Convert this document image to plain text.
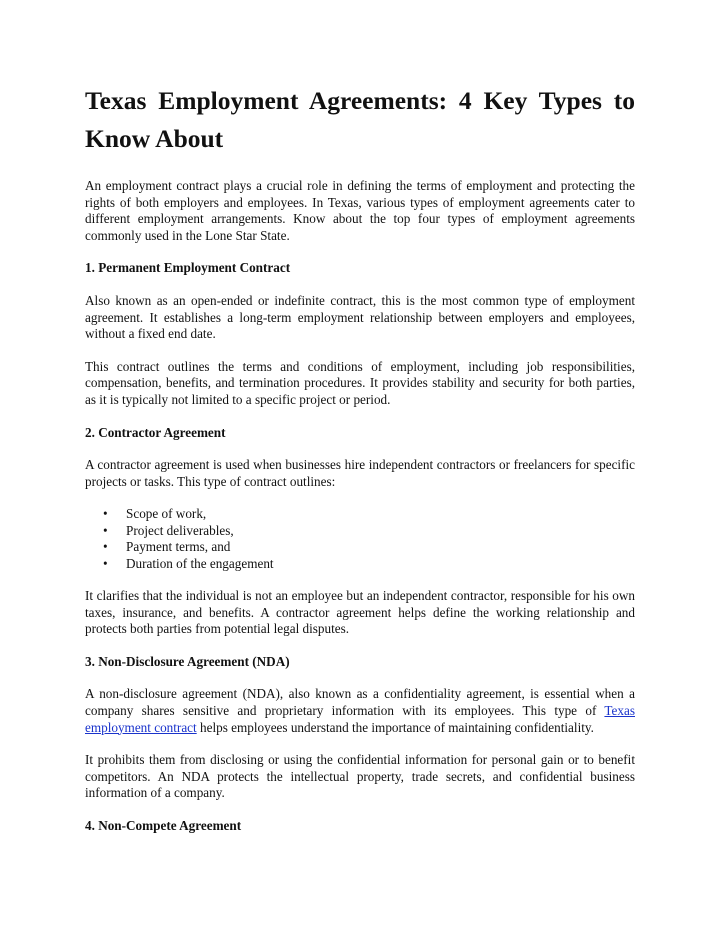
Texas Employment Agreements: 4 Key Types to Know About

An employment contract plays a crucial role in defining the terms of employment and protecting the rights of both employers and employees. In Texas, various types of employment agreements cater to different employment arrangements. Know about the top four types of employment agreements commonly used in the Lone Star State.

1. Permanent Employment Contract

Also known as an open-ended or indefinite contract, this is the most common type of employment agreement. It establishes a long-term employment relationship between employers and employees, without a fixed end date.

This contract outlines the terms and conditions of employment, including job responsibilities, compensation, benefits, and termination procedures. It provides stability and security for both parties, as it is typically not limited to a specific project or period.

2. Contractor Agreement

A contractor agreement is used when businesses hire independent contractors or freelancers for specific projects or tasks. This type of contract outlines:

• Scope of work,
• Project deliverables,
• Payment terms, and
• Duration of the engagement

It clarifies that the individual is not an employee but an independent contractor, responsible for his own taxes, insurance, and benefits. A contractor agreement helps define the working relationship and protects both parties from potential legal disputes.

3. Non-Disclosure Agreement (NDA)

A non-disclosure agreement (NDA), also known as a confidentiality agreement, is essential when a company shares sensitive and proprietary information with its employees. This type of Texas employment contract helps employees understand the importance of maintaining confidentiality.

It prohibits them from disclosing or using the confidential information for personal gain or to benefit competitors. An NDA protects the intellectual property, trade secrets, and confidential business information of a company.

4. Non-Compete Agreement
